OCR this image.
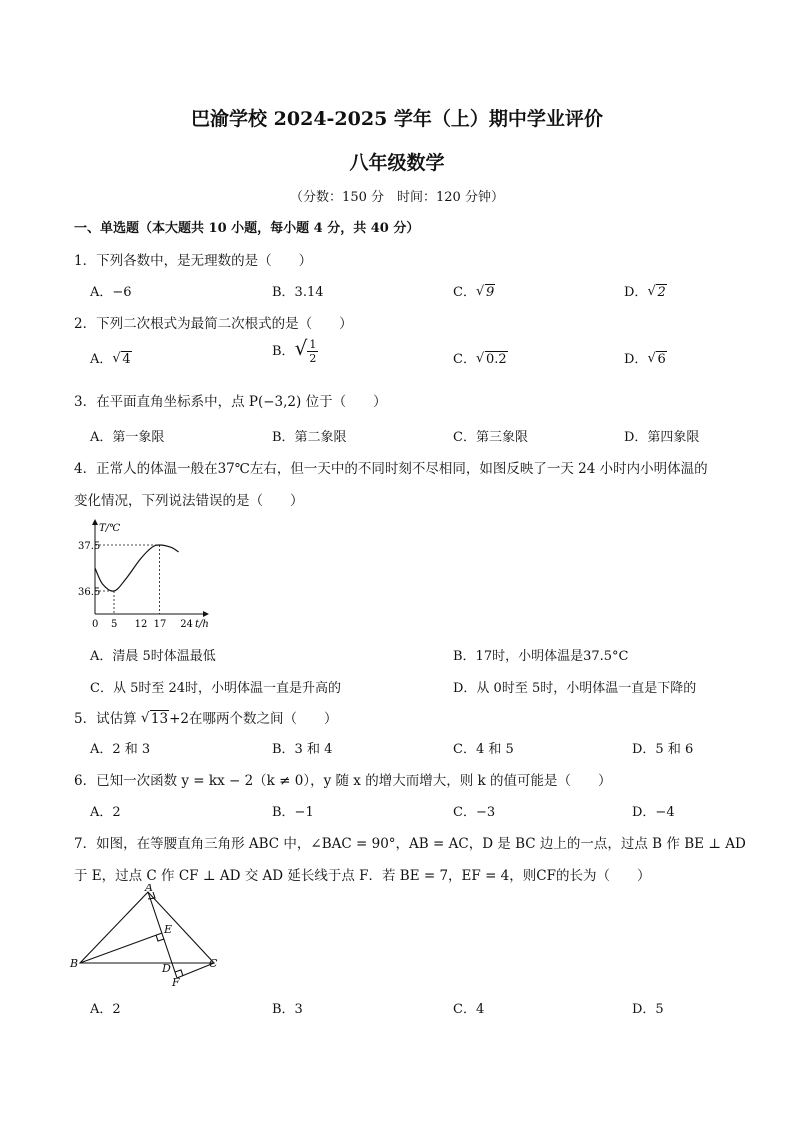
巴渝学校 2024-2025 学年（上）期中学业评价
八年级数学
（分数：150 分　时间：120 分钟）
一、单选题（本大题共 10 小题，每小题 4 分，共 40 分）
1．下列各数中，是无理数的是（　　）
A．−6	B．3.14	C． √ 9	D． √ 2
2．下列二次根式为最简二次根式的是（　　）
A． √ 4
B．√ $\frac{1}{2}$	C． √ 0.2	D． √ 6
3．在平面直角坐标系中，点 P(−3,2) 位于（　　）
A．第一象限	B．第二象限	C．第三象限	D．第四象限
4．正常人的体温一般在37℃左右，但一天中的不同时刻不尽相同，如图反映了一天 24 小时内小明体温的
变化情况，下列说法错误的是（　　）
T/℃
t/h
0 5 12 17 24
36.5
37.5
A．清晨 5时体温最低	B．17时，小明体温是37.5°C
C．从 5时至 24时，小明体温一直是升高的	D．从 0时至 5时，小明体温一直是下降的
5．试估算 √ 13+2在哪两个数之间（　　）
A．2 和 3	B．3 和 4	C．4 和 5	D．5 和 6
6．已知一次函数 y = kx − 2（k ≠ 0），y 随 x 的增大而增大，则 k 的值可能是（　　）
A．2	B．−1	C．−3	D．−4
7．如图，在等腰直角三角形 ABC 中，∠BAC = 90°，AB = AC，D 是 BC 边上的一点，过点 B 作 BE ⊥ AD
于 E，过点 C 作 CF ⊥ AD 交 AD 延长线于点 F．若 BE = 7，EF = 4，则CF的长为（　　）
A
B	C
D
E
F
A．2	B．3	C．4	D．5
